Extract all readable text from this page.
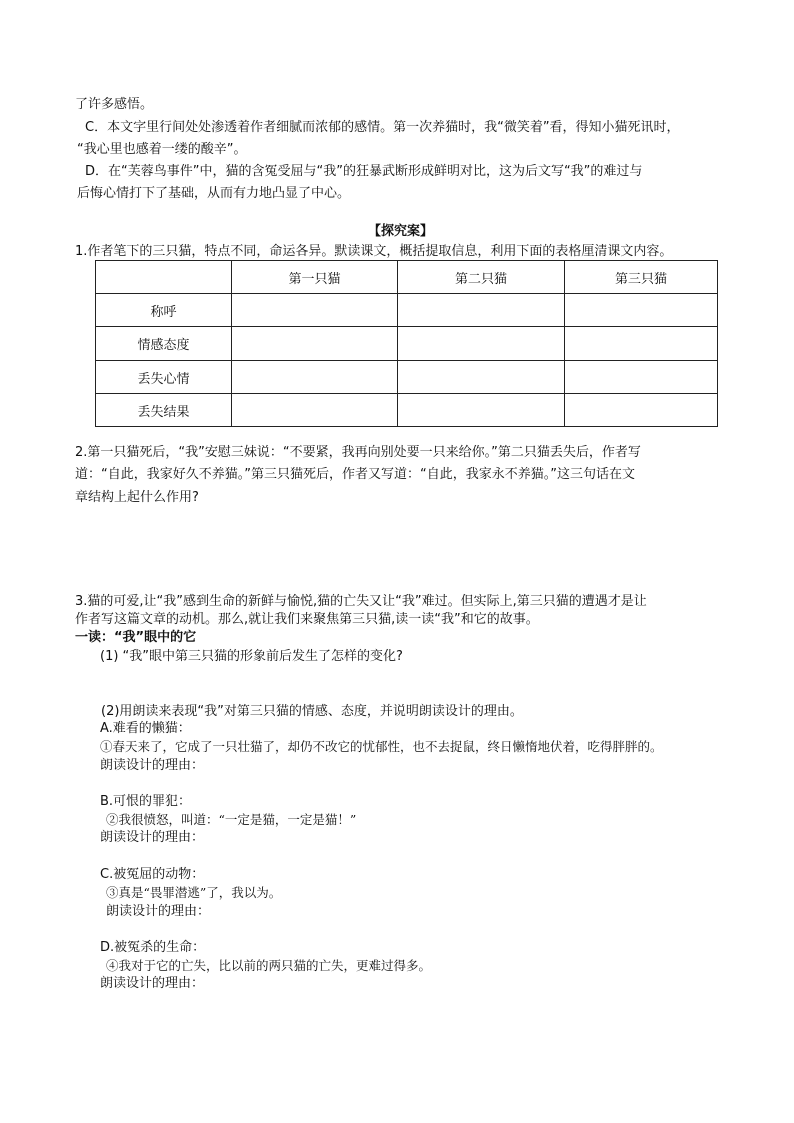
了许多感悟。
C．本文字里行间处处渗透着作者细腻而浓郁的感情。第一次养猫时，我“微笑着”看，得知小猫死讯时，
“我心里也感着一缕的酸辛”。
D．在“芙蓉鸟事件”中，猫的含冤受屈与“我”的狂暴武断形成鲜明对比，这为后文写“我”的难过与
后悔心情打下了基础，从而有力地凸显了中心。
【探究案】
1.作者笔下的三只猫，特点不同，命运各异。默读课文，概括提取信息，利用下面的表格厘清课文内容。
	第一只猫	第二只猫	第三只猫
称呼			
情感态度			
丢失心情			
丢失结果			
2.第一只猫死后，“我”安慰三妹说：“不要紧，我再向别处要一只来给你。”第二只猫丢失后，作者写
道：“自此，我家好久不养猫。”第三只猫死后，作者又写道：“自此，我家永不养猫。”这三句话在文
章结构上起什么作用?
3.猫的可爱,让“我”感到生命的新鲜与愉悦,猫的亡失又让“我”难过。但实际上,第三只猫的遭遇才是让
作者写这篇文章的动机。那么,就让我们来聚焦第三只猫,读一读“我”和它的故事。
一读：“我”眼中的它
(1) “我”眼中第三只猫的形象前后发生了怎样的变化?
(2)用朗读来表现“我”对第三只猫的情感、态度，并说明朗读设计的理由。
A.难看的懒猫：
①春天来了，它成了一只壮猫了，却仍不改它的忧郁性，也不去捉鼠，终日懒惰地伏着，吃得胖胖的。
朗读设计的理由：
B.可恨的罪犯：
②我很愤怒，叫道：“一定是猫，一定是猫！”
朗读设计的理由：
C.被冤屈的动物：
③真是“畏罪潜逃”了，我以为。
朗读设计的理由：
D.被冤杀的生命：
④我对于它的亡失，比以前的两只猫的亡失，更难过得多。
朗读设计的理由：
